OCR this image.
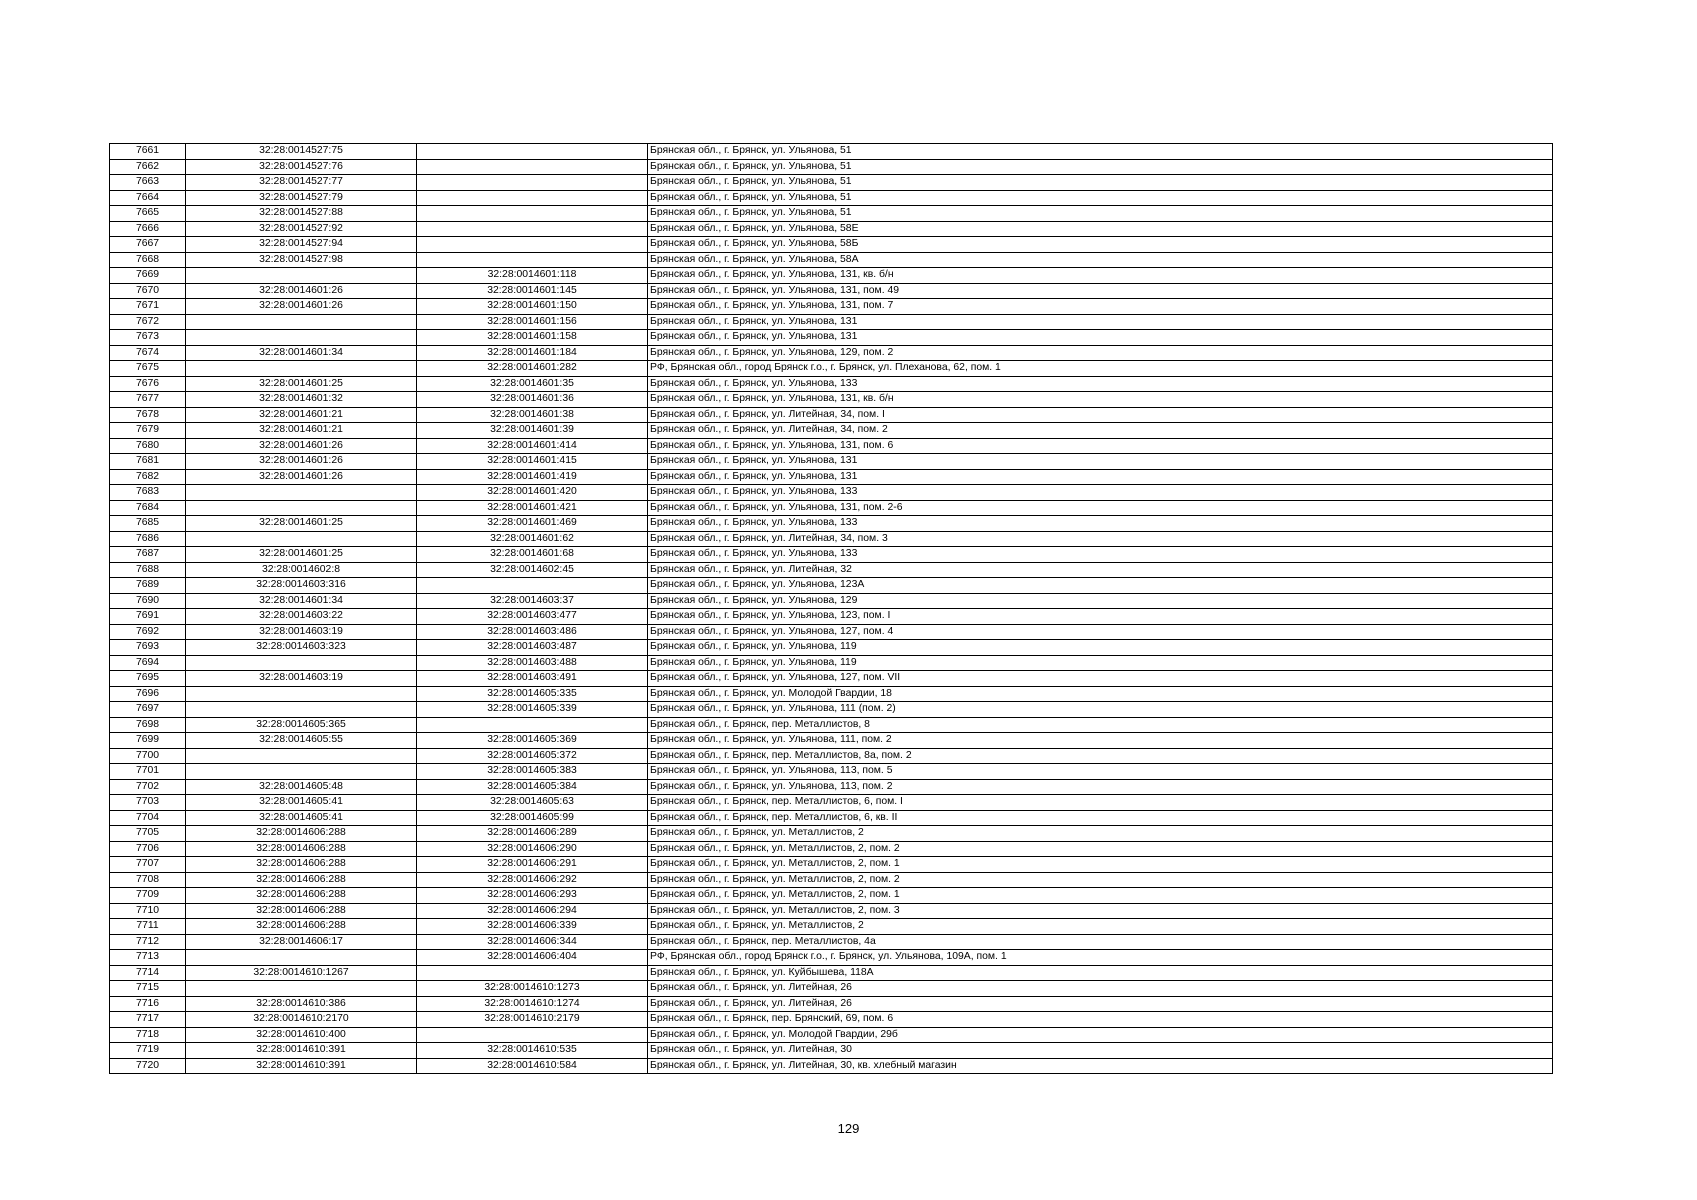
7661	32:28:0014527:75		Брянская обл., г. Брянск, ул. Ульянова, 51
7662	32:28:0014527:76		Брянская обл., г. Брянск, ул. Ульянова, 51
7663	32:28:0014527:77		Брянская обл., г. Брянск, ул. Ульянова, 51
7664	32:28:0014527:79		Брянская обл., г. Брянск, ул. Ульянова, 51
7665	32:28:0014527:88		Брянская обл., г. Брянск, ул. Ульянова, 51
7666	32:28:0014527:92		Брянская обл., г. Брянск, ул. Ульянова, 58Е
7667	32:28:0014527:94		Брянская обл., г. Брянск, ул. Ульянова, 58Б
7668	32:28:0014527:98		Брянская обл., г. Брянск, ул. Ульянова, 58А
7669		32:28:0014601:118	Брянская обл., г. Брянск, ул. Ульянова, 131, кв. б/н
7670	32:28:0014601:26	32:28:0014601:145	Брянская обл., г. Брянск, ул. Ульянова, 131, пом. 49
7671	32:28:0014601:26	32:28:0014601:150	Брянская обл., г. Брянск, ул. Ульянова, 131, пом. 7
7672		32:28:0014601:156	Брянская обл., г. Брянск, ул. Ульянова, 131
7673		32:28:0014601:158	Брянская обл., г. Брянск, ул. Ульянова, 131
7674	32:28:0014601:34	32:28:0014601:184	Брянская обл., г. Брянск, ул. Ульянова, 129, пом. 2
7675		32:28:0014601:282	РФ, Брянская обл., город Брянск г.о., г. Брянск, ул. Плеханова, 62, пом. 1
7676	32:28:0014601:25	32:28:0014601:35	Брянская обл., г. Брянск, ул. Ульянова, 133
7677	32:28:0014601:32	32:28:0014601:36	Брянская обл., г. Брянск, ул. Ульянова, 131, кв. б/н
7678	32:28:0014601:21	32:28:0014601:38	Брянская обл., г. Брянск, ул. Литейная, 34, пом. I
7679	32:28:0014601:21	32:28:0014601:39	Брянская обл., г. Брянск, ул. Литейная, 34, пом. 2
7680	32:28:0014601:26	32:28:0014601:414	Брянская обл., г. Брянск, ул. Ульянова, 131, пом. 6
7681	32:28:0014601:26	32:28:0014601:415	Брянская обл., г. Брянск, ул. Ульянова, 131
7682	32:28:0014601:26	32:28:0014601:419	Брянская обл., г. Брянск, ул. Ульянова, 131
7683		32:28:0014601:420	Брянская обл., г. Брянск, ул. Ульянова, 133
7684		32:28:0014601:421	Брянская обл., г. Брянск, ул. Ульянова, 131, пом. 2-6
7685	32:28:0014601:25	32:28:0014601:469	Брянская обл., г. Брянск, ул. Ульянова, 133
7686		32:28:0014601:62	Брянская обл., г. Брянск, ул. Литейная, 34, пом. 3
7687	32:28:0014601:25	32:28:0014601:68	Брянская обл., г. Брянск, ул. Ульянова, 133
7688	32:28:0014602:8	32:28:0014602:45	Брянская обл., г. Брянск, ул. Литейная, 32
7689	32:28:0014603:316		Брянская обл., г. Брянск, ул. Ульянова, 123А
7690	32:28:0014601:34	32:28:0014603:37	Брянская обл., г. Брянск, ул. Ульянова, 129
7691	32:28:0014603:22	32:28:0014603:477	Брянская обл., г. Брянск, ул. Ульянова, 123, пом. I
7692	32:28:0014603:19	32:28:0014603:486	Брянская обл., г. Брянск, ул. Ульянова, 127, пом. 4
7693	32:28:0014603:323	32:28:0014603:487	Брянская обл., г. Брянск, ул. Ульянова, 119
7694		32:28:0014603:488	Брянская обл., г. Брянск, ул. Ульянова, 119
7695	32:28:0014603:19	32:28:0014603:491	Брянская обл., г. Брянск, ул. Ульянова, 127, пом. VII
7696		32:28:0014605:335	Брянская обл., г. Брянск, ул. Молодой Гвардии, 18
7697		32:28:0014605:339	Брянская обл., г. Брянск, ул. Ульянова, 111 (пом. 2)
7698	32:28:0014605:365		Брянская обл., г. Брянск, пер. Металлистов, 8
7699	32:28:0014605:55	32:28:0014605:369	Брянская обл., г. Брянск, ул. Ульянова, 111, пом. 2
7700		32:28:0014605:372	Брянская обл., г. Брянск, пер. Металлистов, 8а, пом. 2
7701		32:28:0014605:383	Брянская обл., г. Брянск, ул. Ульянова, 113, пом. 5
7702	32:28:0014605:48	32:28:0014605:384	Брянская обл., г. Брянск, ул. Ульянова, 113, пом. 2
7703	32:28:0014605:41	32:28:0014605:63	Брянская обл., г. Брянск, пер. Металлистов, 6, пом. I
7704	32:28:0014605:41	32:28:0014605:99	Брянская обл., г. Брянск, пер. Металлистов, 6, кв. II
7705	32:28:0014606:288	32:28:0014606:289	Брянская обл., г. Брянск, ул. Металлистов, 2
7706	32:28:0014606:288	32:28:0014606:290	Брянская обл., г. Брянск, ул. Металлистов, 2, пом. 2
7707	32:28:0014606:288	32:28:0014606:291	Брянская обл., г. Брянск, ул. Металлистов, 2, пом. 1
7708	32:28:0014606:288	32:28:0014606:292	Брянская обл., г. Брянск, ул. Металлистов, 2, пом. 2
7709	32:28:0014606:288	32:28:0014606:293	Брянская обл., г. Брянск, ул. Металлистов, 2, пом. 1
7710	32:28:0014606:288	32:28:0014606:294	Брянская обл., г. Брянск, ул. Металлистов, 2, пом. 3
7711	32:28:0014606:288	32:28:0014606:339	Брянская обл., г. Брянск, ул. Металлистов, 2
7712	32:28:0014606:17	32:28:0014606:344	Брянская обл., г. Брянск, пер. Металлистов, 4а
7713		32:28:0014606:404	РФ, Брянская обл., город Брянск г.о., г. Брянск, ул. Ульянова, 109А, пом. 1
7714	32:28:0014610:1267		Брянская обл., г. Брянск, ул. Куйбышева, 118А
7715		32:28:0014610:1273	Брянская обл., г. Брянск, ул. Литейная, 26
7716	32:28:0014610:386	32:28:0014610:1274	Брянская обл., г. Брянск, ул. Литейная, 26
7717	32:28:0014610:2170	32:28:0014610:2179	Брянская обл., г. Брянск, пер. Брянский, 69, пом. 6
7718	32:28:0014610:400		Брянская обл., г. Брянск, ул. Молодой Гвардии, 29б
7719	32:28:0014610:391	32:28:0014610:535	Брянская обл., г. Брянск, ул. Литейная, 30
7720	32:28:0014610:391	32:28:0014610:584	Брянская обл., г. Брянск, ул. Литейная, 30, кв. хлебный магазин
129
